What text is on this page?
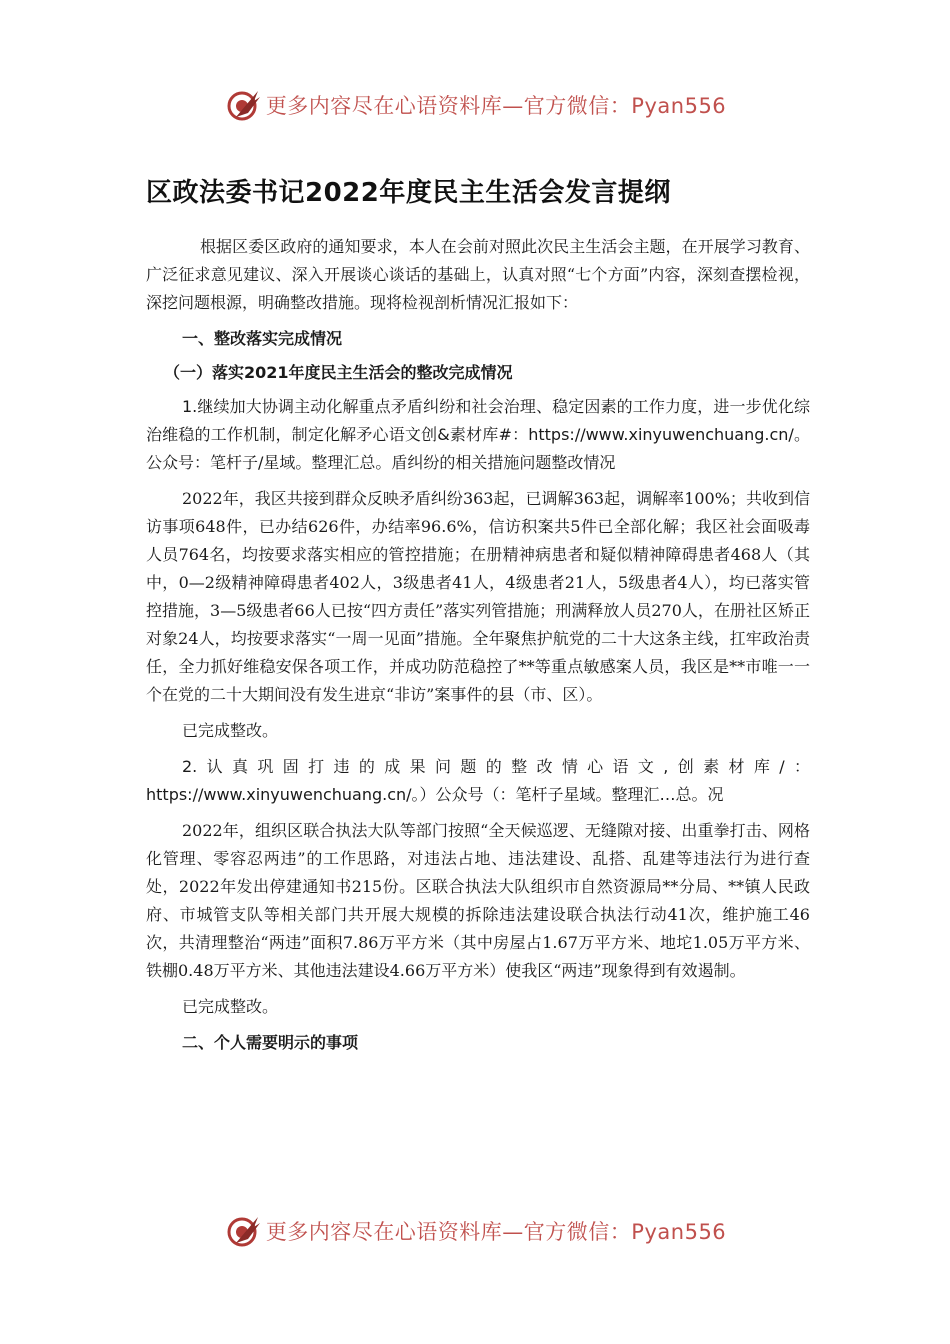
更多内容尽在心语资料库—官方微信：Pyan556
区政法委书记2022年度民主生活会发言提纲

根据区委区政府的通知要求，本人在会前对照此次民主生活会主题，在开展学习教育、广泛征求意见建议、深入开展谈心谈话的基础上，认真对照“七个方面”内容，深刻查摆检视，深挖问题根源，明确整改措施。现将检视剖析情况汇报如下：

一、整改落实完成情况

（一）落实2021年度民主生活会的整改完成情况

1.继续加大协调主动化解重点矛盾纠纷和社会治理、稳定因素的工作力度，进一步优化综治维稳的工作机制，制定化解矛心语文创&素材库#：https://www.xinyuwenchuang.cn/。公众号：笔杆子/星域。整理汇总。盾纠纷的相关措施问题整改情况

2022年，我区共接到群众反映矛盾纠纷363起，已调解363起，调解率100%；共收到信访事项648件，已办结626件，办结率96.6%，信访积案共5件已全部化解；我区社会面吸毒人员764名，均按要求落实相应的管控措施；在册精神病患者和疑似精神障碍患者468人（其中，0—2级精神障碍患者402人，3级患者41人，4级患者21人，5级患者4人），均已落实管控措施，3—5级患者66人已按“四方责任”落实列管措施；刑满释放人员270人，在册社区矫正对象24人，均按要求落实“一周一见面”措施。全年聚焦护航党的二十大这条主线，扛牢政治责任，全力抓好维稳安保各项工作，并成功防范稳控了**等重点敏感案人员，我区是**市唯一一个在党的二十大期间没有发生进京“非访”案事件的县（市、区）。

已完成整改。

2.认真巩固打违的成果问题的整改情心语文,创素材库/：https://www.xinyuwenchuang.cn/。）公众号（：笔杆子星域。整理汇…总。况

2022年，组织区联合执法大队等部门按照“全天候巡逻、无缝隙对接、出重拳打击、网格化管理、零容忍两违”的工作思路，对违法占地、违法建设、乱搭、乱建等违法行为进行查处，2022年发出停建通知书215份。区联合执法大队组织市自然资源局**分局、**镇人民政府、市城管支队等相关部门共开展大规模的拆除违法建设联合执法行动41次，维护施工46次，共清理整治“两违”面积7.86万平方米（其中房屋占1.67万平方米、地坨1.05万平方米、铁棚0.48万平方米、其他违法建设4.66万平方米）使我区“两违”现象得到有效遏制。

已完成整改。

二、个人需要明示的事项

更多内容尽在心语资料库—官方微信：Pyan556
